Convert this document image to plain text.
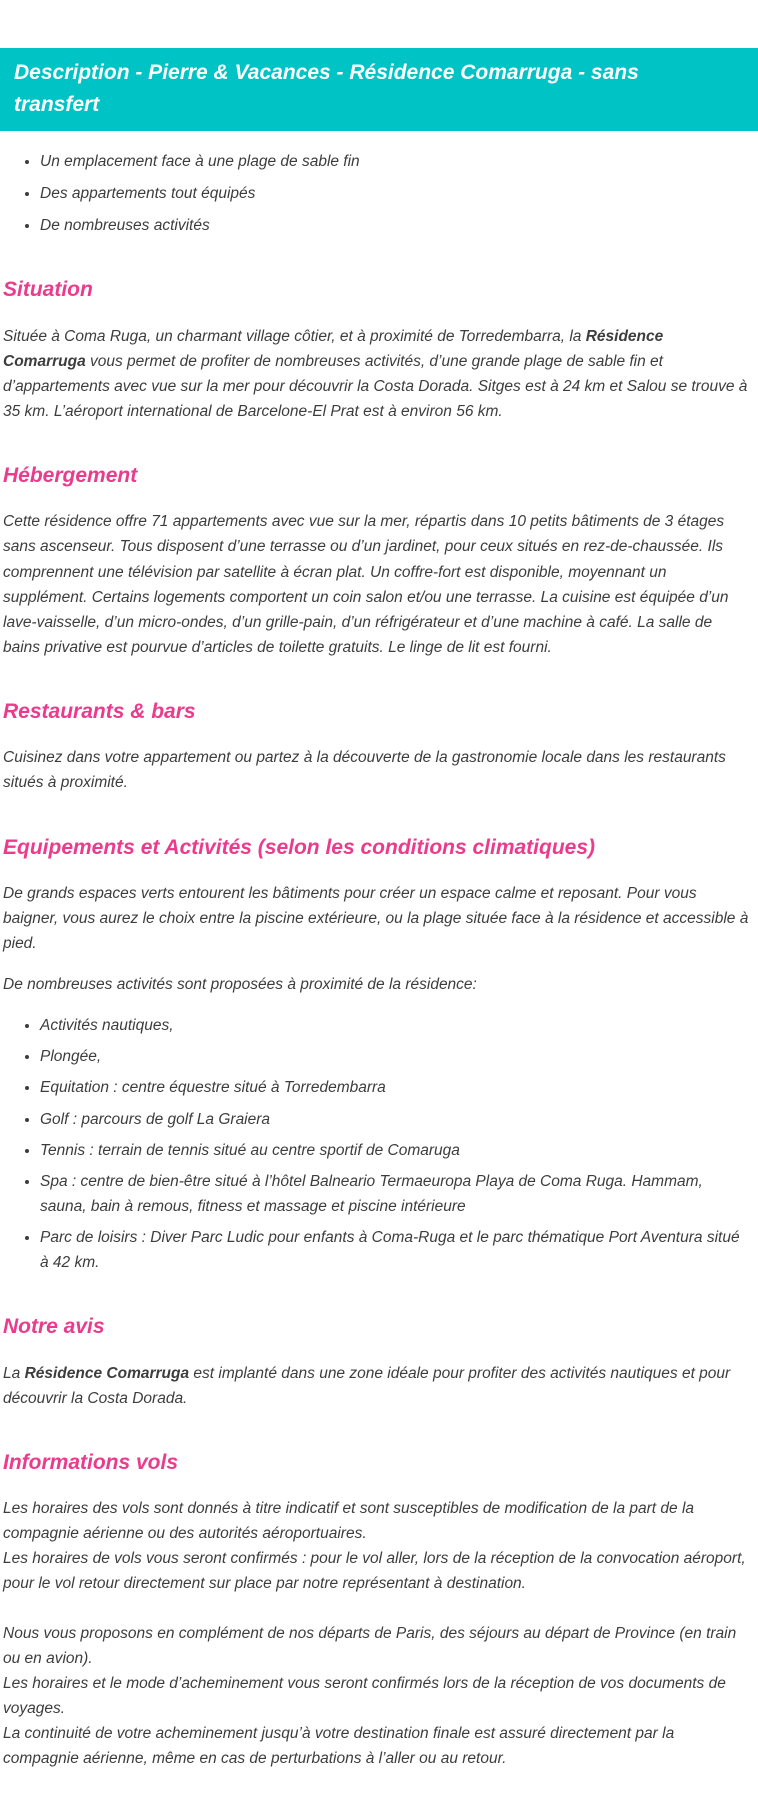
Description - Pierre & Vacances - Résidence Comarruga - sans transfert
• Un emplacement face à une plage de sable fin
• Des appartements tout équipés
• De nombreuses activités
Situation

Située à Coma Ruga, un charmant village côtier, et à proximité de Torredembarra, la Résidence Comarruga vous permet de profiter de nombreuses activités, d’une grande plage de sable fin et d’appartements avec vue sur la mer pour découvrir la Costa Dorada. Sitges est à 24 km et Salou se trouve à 35 km. L’aéroport international de Barcelone-El Prat est à environ 56 km.

Hébergement

Cette résidence offre 71 appartements avec vue sur la mer, répartis dans 10 petits bâtiments de 3 étages sans ascenseur. Tous disposent d’une terrasse ou d’un jardinet, pour ceux situés en rez-de-chaussée. Ils comprennent une télévision par satellite à écran plat. Un coffre-fort est disponible, moyennant un supplément. Certains logements comportent un coin salon et/ou une terrasse. La cuisine est équipée d’un lave-vaisselle, d’un micro-ondes, d’un grille-pain, d’un réfrigérateur et d’une machine à café. La salle de bains privative est pourvue d’articles de toilette gratuits. Le linge de lit est fourni.

Restaurants & bars

Cuisinez dans votre appartement ou partez à la découverte de la gastronomie locale dans les restaurants situés à proximité.

Equipements et Activités (selon les conditions climatiques)

De grands espaces verts entourent les bâtiments pour créer un espace calme et reposant. Pour vous baigner, vous aurez le choix entre la piscine extérieure, ou la plage située face à la résidence et accessible à pied.

De nombreuses activités sont proposées à proximité de la résidence:

• Activités nautiques,
• Plongée,
• Equitation : centre équestre situé à Torredembarra
• Golf : parcours de golf La Graiera
• Tennis : terrain de tennis situé au centre sportif de Comaruga
• Spa : centre de bien-être situé à l’hôtel Balneario Termaeuropa Playa de Coma Ruga. Hammam, sauna, bain à remous, fitness et massage et piscine intérieure
• Parc de loisirs : Diver Parc Ludic pour enfants à Coma-Ruga et le parc thématique Port Aventura situé à 42 km.
Notre avis

La Résidence Comarruga est implanté dans une zone idéale pour profiter des activités nautiques et pour découvrir la Costa Dorada.

Informations vols

Les horaires des vols sont donnés à titre indicatif et sont susceptibles de modification de la part de la compagnie aérienne ou des autorités aéroportuaires.

Les horaires de vols vous seront confirmés : pour le vol aller, lors de la réception de la convocation aéroport, pour le vol retour directement sur place par notre représentant à destination.

Nous vous proposons en complément de nos départs de Paris, des séjours au départ de Province (en train ou en avion).

Les horaires et le mode d’acheminement vous seront confirmés lors de la réception de vos documents de voyages.

La continuité de votre acheminement jusqu’à votre destination finale est assuré directement par la compagnie aérienne, même en cas de perturbations à l’aller ou au retour.
